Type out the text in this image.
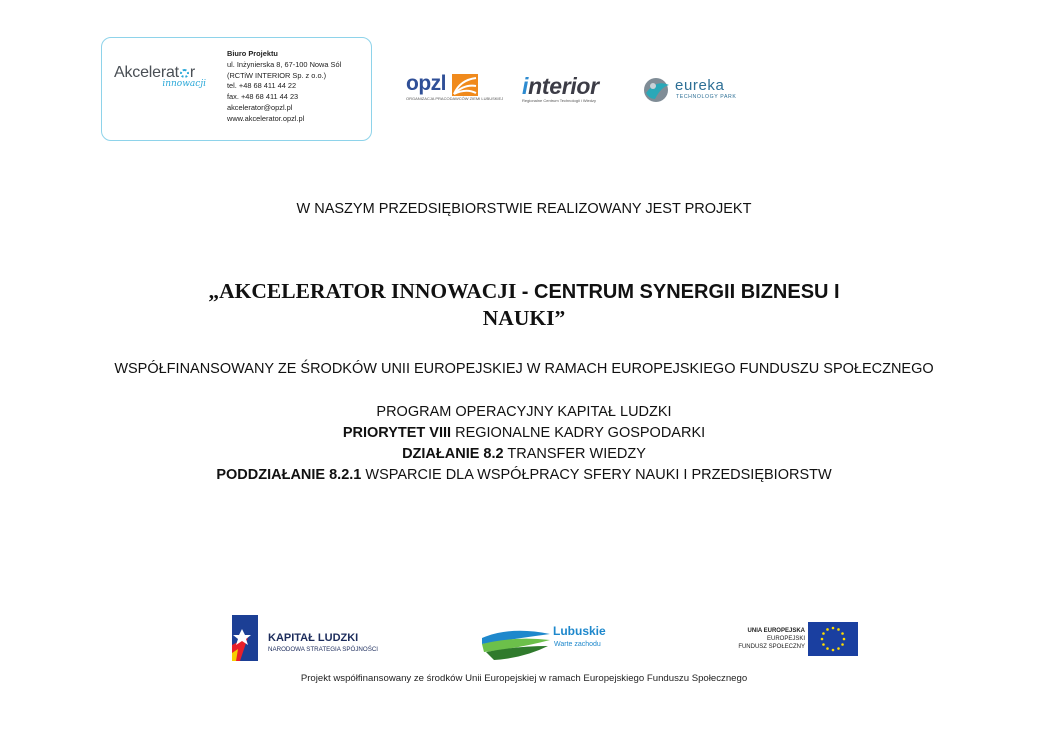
Akcelerat r
innowacji
Biuro Projektu
ul. Inżynierska 8, 67-100 Nowa Sól
(RCTiW INTERIOR Sp. z o.o.)
tel. +48 68 411 44 22
fax. +48 68 411 44 23
akcelerator@opzl.pl
www.akcelerator.opzl.pl
opzl
ORGANIZACJA PRACODAWCÓW ZIEMI LUBUSKIEJ interior
Regionalne Centrum Technologii i Wiedzy
eureka
TECHNOLOGY PARK
W NASZYM PRZEDSIĘBIORSTWIE REALIZOWANY JEST PROJEKT
„AKCELERATOR INNOWACJI - CENTRUM SYNERGII BIZNESU I
NAUKI”
WSPÓŁFINANSOWANY ZE ŚRODKÓW UNII EUROPEJSKIEJ W RAMACH EUROPEJSKIEGO FUNDUSZU SPOŁECZNEGO
PROGRAM OPERACYJNY KAPITAŁ LUDZKI
PRIORYTET VIII REGIONALNE KADRY GOSPODARKI
DZIAŁANIE 8.2 TRANSFER WIEDZY
PODDZIAŁANIE 8.2.1 WSPARCIE DLA WSPÓŁPRACY SFERY NAUKI I PRZEDSIĘBIORSTW
KAPITAŁ LUDZKI
NARODOWA STRATEGIA SPÓJNOŚCI
Lubuskie
Warte zachodu
UNIA EUROPEJSKA
EUROPEJSKI
FUNDUSZ SPOŁECZNY
Projekt współfinansowany ze środków Unii Europejskiej w ramach Europejskiego Funduszu Społecznego
